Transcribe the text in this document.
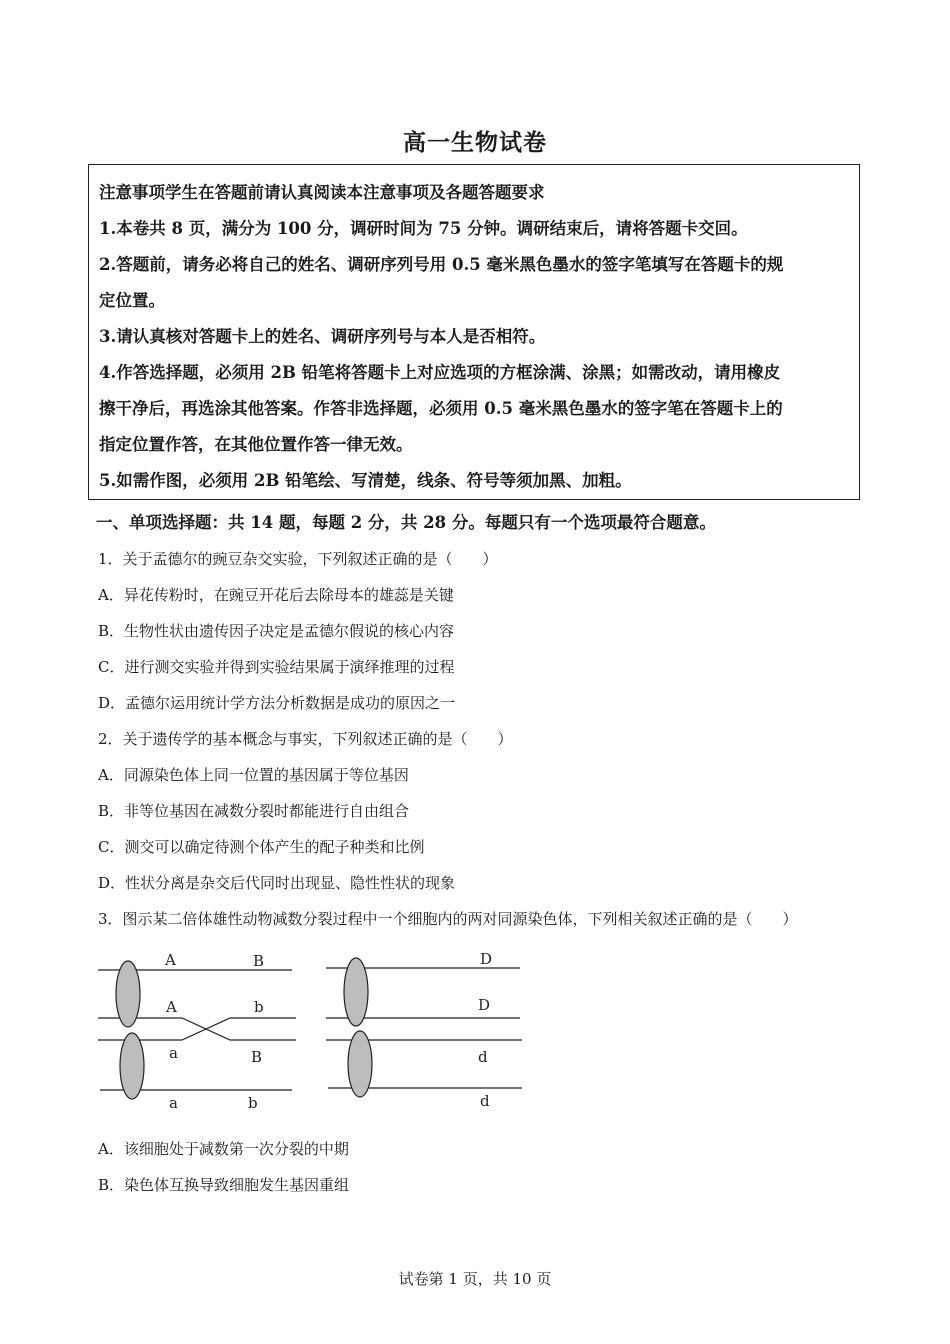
高一生物试卷
注意事项学生在答题前请认真阅读本注意事项及各题答题要求
1.本卷共 8 页，满分为 100 分，调研时间为 75 分钟。调研结束后，请将答题卡交回。
2.答题前，请务必将自己的姓名、调研序列号用 0.5 毫米黑色墨水的签字笔填写在答题卡的规
定位置。
3.请认真核对答题卡上的姓名、调研序列号与本人是否相符。
4.作答选择题，必须用 2B 铅笔将答题卡上对应选项的方框涂满、涂黑；如需改动，请用橡皮
擦干净后，再选涂其他答案。作答非选择题，必须用 0.5 毫米黑色墨水的签字笔在答题卡上的
指定位置作答，在其他位置作答一律无效。
5.如需作图，必须用 2B 铅笔绘、写清楚，线条、符号等须加黑、加粗。
一、单项选择题：共 14 题，每题 2 分，共 28 分。每题只有一个选项最符合题意。
1．关于孟德尔的豌豆杂交实验，下列叙述正确的是（　　）
A．异花传粉时，在豌豆开花后去除母本的雄蕊是关键
B．生物性状由遗传因子决定是孟德尔假说的核心内容
C．进行测交实验并得到实验结果属于演绎推理的过程
D．孟德尔运用统计学方法分析数据是成功的原因之一
2．关于遗传学的基本概念与事实，下列叙述正确的是（　　）
A．同源染色体上同一位置的基因属于等位基因
B．非等位基因在减数分裂时都能进行自由组合
C．测交可以确定待测个体产生的配子种类和比例
D．性状分离是杂交后代同时出现显、隐性性状的现象
3．图示某二倍体雄性动物减数分裂过程中一个细胞内的两对同源染色体，下列相关叙述正确的是（　　）
A	B
A	b
a	B
a	b
D
D
d
d
A．该细胞处于减数第一次分裂的中期
B．染色体互换导致细胞发生基因重组
试卷第 1 页，共 10 页
